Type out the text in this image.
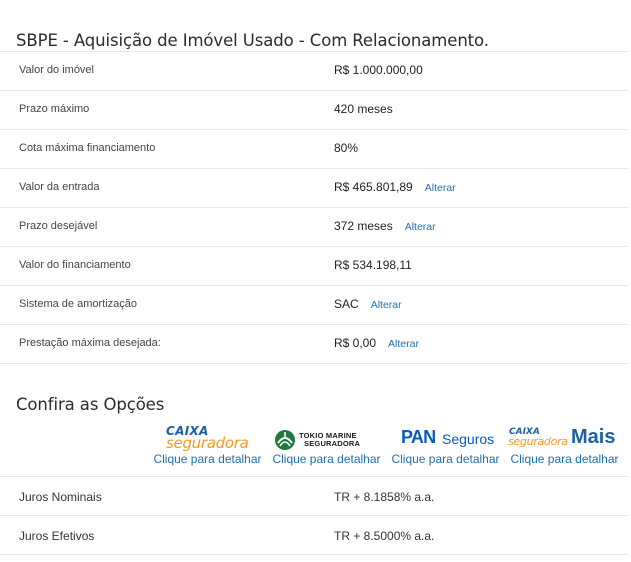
SBPE - Aquisição de Imóvel Usado - Com Relacionamento.
Valor do imóvel	R$ 1.000.000,00
Prazo máximo	420 meses
Cota máxima financiamento	80%
Valor da entrada	R$ 465.801,89 Alterar
Prazo desejável	372 meses Alterar
Valor do financiamento	R$ 534.198,11
Sistema de amortização	SAC Alterar
Prestação máxima desejada:	R$ 0,00 Alterar
Confira as Opções
CAIXA
seguradora
Clique para detalhar
TOKIO MARINE
SEGURADORA
Clique para detalhar
PAN Seguros
Clique para detalhar
CAIXA
seguradora Mais
Clique para detalhar
Juros Nominais	TR + 8.1858% a.a.
Juros Efetivos	TR + 8.5000% a.a.
